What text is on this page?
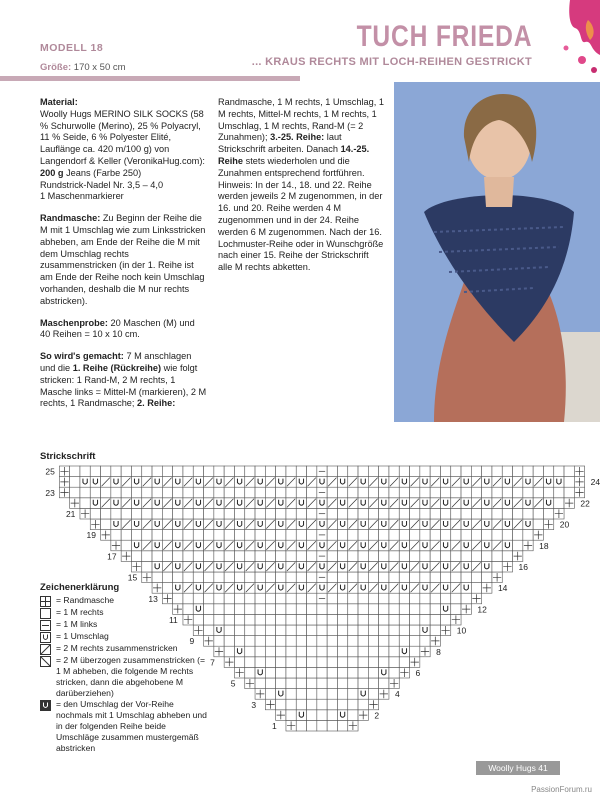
MODELL 18
Größe: 170 x 50 cm
TUCH FRIEDA
... KRAUS RECHTS MIT LOCH-REIHEN GESTRICKT

Material:
Woolly Hugs MERINO SILK SOCKS (58 % Schurwolle (Merino), 25 % Polyacryl, 11 % Seide, 6 % Polyester Elité, Lauflänge ca. 420 m/100 g) von Langendorf & Keller (VeronikaHug.com):
200 g Jeans (Farbe 250)
Rundstrick-Nadel Nr. 3,5 – 4,0
1 Maschenmarkierer

Randmasche: Zu Beginn der Reihe die M mit 1 Umschlag wie zum Linksstricken abheben, am Ende der Reihe die M mit dem Umschlag rechts zusammenstricken (in der 1. Reihe ist am Ende der Reihe noch kein Umschlag vorhanden, deshalb die M nur rechts abstricken).

Maschenprobe: 20 Maschen (M) und 40 Reihen = 10 x 10 cm.

So wird's gemacht: 7 M anschlagen und die 1. Reihe (Rückreihe) wie folgt stricken: 1 Rand-M, 2 M rechts, 1 Masche links = Mittel-M (markieren), 2 M rechts, 1 Randmasche; 2. Reihe:

Randmasche, 1 M rechts, 1 Umschlag, 1 M rechts, Mittel-M rechts, 1 M rechts, 1 Umschlag, 1 M rechts, Rand-M (= 2 Zunahmen); 3.-25. Reihe: laut Strickschrift arbeiten. Danach 14.-25. Reihe stets wiederholen und die Zunahmen entsprechend fortführen. Hinweis: In der 14., 18. und 22. Reihe werden jeweils 2 M zugenommen, in der 16. und 20. Reihe werden 4 M zugenommen und in der 24. Reihe werden 6 M zugenommen. Nach der 16. Lochmuster-Reihe oder in Wunschgröße nach einer 15. Reihe der Strickschrift alle M rechts abketten.

Strickschrift
1
2
3
4
5
6
7
8
9
10
11
12
13
14
15
16
17
18
19
20
21
22
23
24
25
Zeichenerklärung
= Randmasche
= 1 M rechts
= 1 M links
= 1 Umschlag
= 2 M rechts zusammenstricken
= 2 M überzogen zusammenstricken (= 1 M abheben, die folgende M rechts stricken, dann die abgehobene M darüberziehen)
= den Umschlag der Vor-Reihe nochmals mit 1 Umschlag abheben und in der folgenden Reihe beide Umschläge zusammen mustergemäß abstricken
Woolly Hugs 41
PassionForum.ru
